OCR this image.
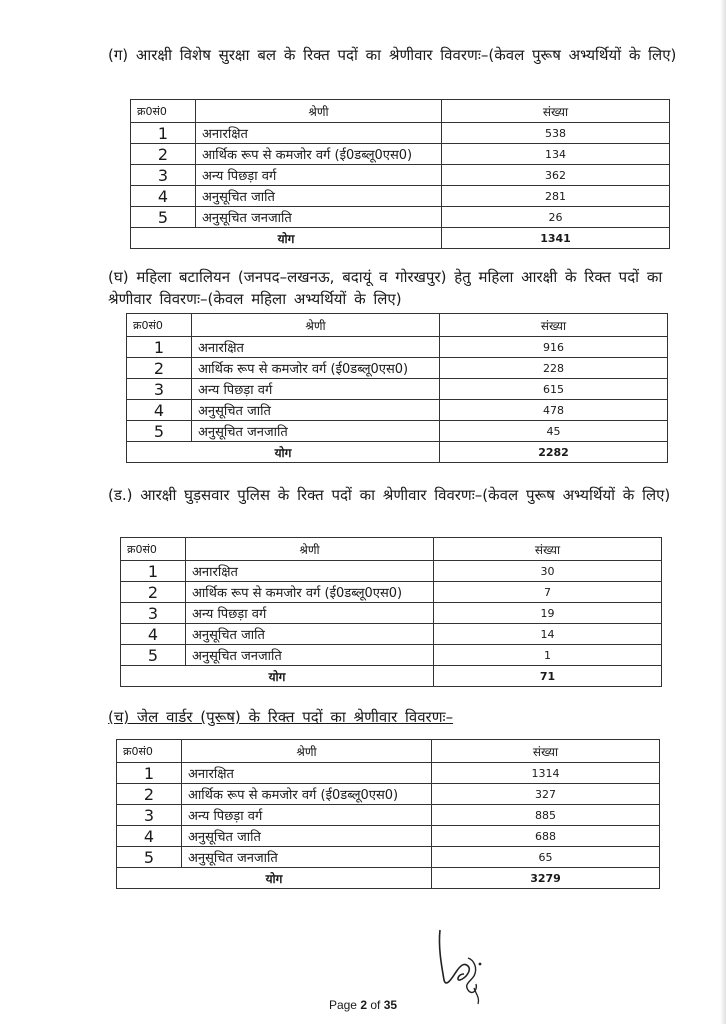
(ग) आरक्षी विशेष सुरक्षा बल के रिक्त पदों का श्रेणीवार विवरणः–(केवल पुरूष अभ्यर्थियों के लिए)
क्र0सं0	श्रेणी	संख्या
1	अनारक्षित	538
2	आर्थिक रूप से कमजोर वर्ग (ई0डब्लू0एस0)	134
3	अन्य पिछड़ा वर्ग	362
4	अनुसूचित जाति	281
5	अनुसूचित जनजाति	26
योग		1341
(घ) महिला बटालियन (जनपद–लखनऊ, बदायूं व गोरखपुर) हेतु महिला आरक्षी के रिक्त पदों का श्रेणीवार विवरणः–(केवल महिला अभ्यर्थियों के लिए)
क्र0सं0	श्रेणी	संख्या
1	अनारक्षित	916
2	आर्थिक रूप से कमजोर वर्ग (ई0डब्लू0एस0)	228
3	अन्य पिछड़ा वर्ग	615
4	अनुसूचित जाति	478
5	अनुसूचित जनजाति	45
योग		2282
(ड.) आरक्षी घुड़सवार पुलिस के रिक्त पदों का श्रेणीवार विवरणः–(केवल पुरूष अभ्यर्थियों के लिए)
क्र0सं0	श्रेणी	संख्या
1	अनारक्षित	30
2	आर्थिक रूप से कमजोर वर्ग (ई0डब्लू0एस0)	7
3	अन्य पिछड़ा वर्ग	19
4	अनुसूचित जाति	14
5	अनुसूचित जनजाति	1
योग		71
(च) जेल वार्डर (पुरूष) के रिक्त पदों का श्रेणीवार विवरणः–
क्र0सं0	श्रेणी	संख्या
1	अनारक्षित	1314
2	आर्थिक रूप से कमजोर वर्ग (ई0डब्लू0एस0)	327
3	अन्य पिछड़ा वर्ग	885
4	अनुसूचित जाति	688
5	अनुसूचित जनजाति	65
योग		3279
Page 2 of 35
